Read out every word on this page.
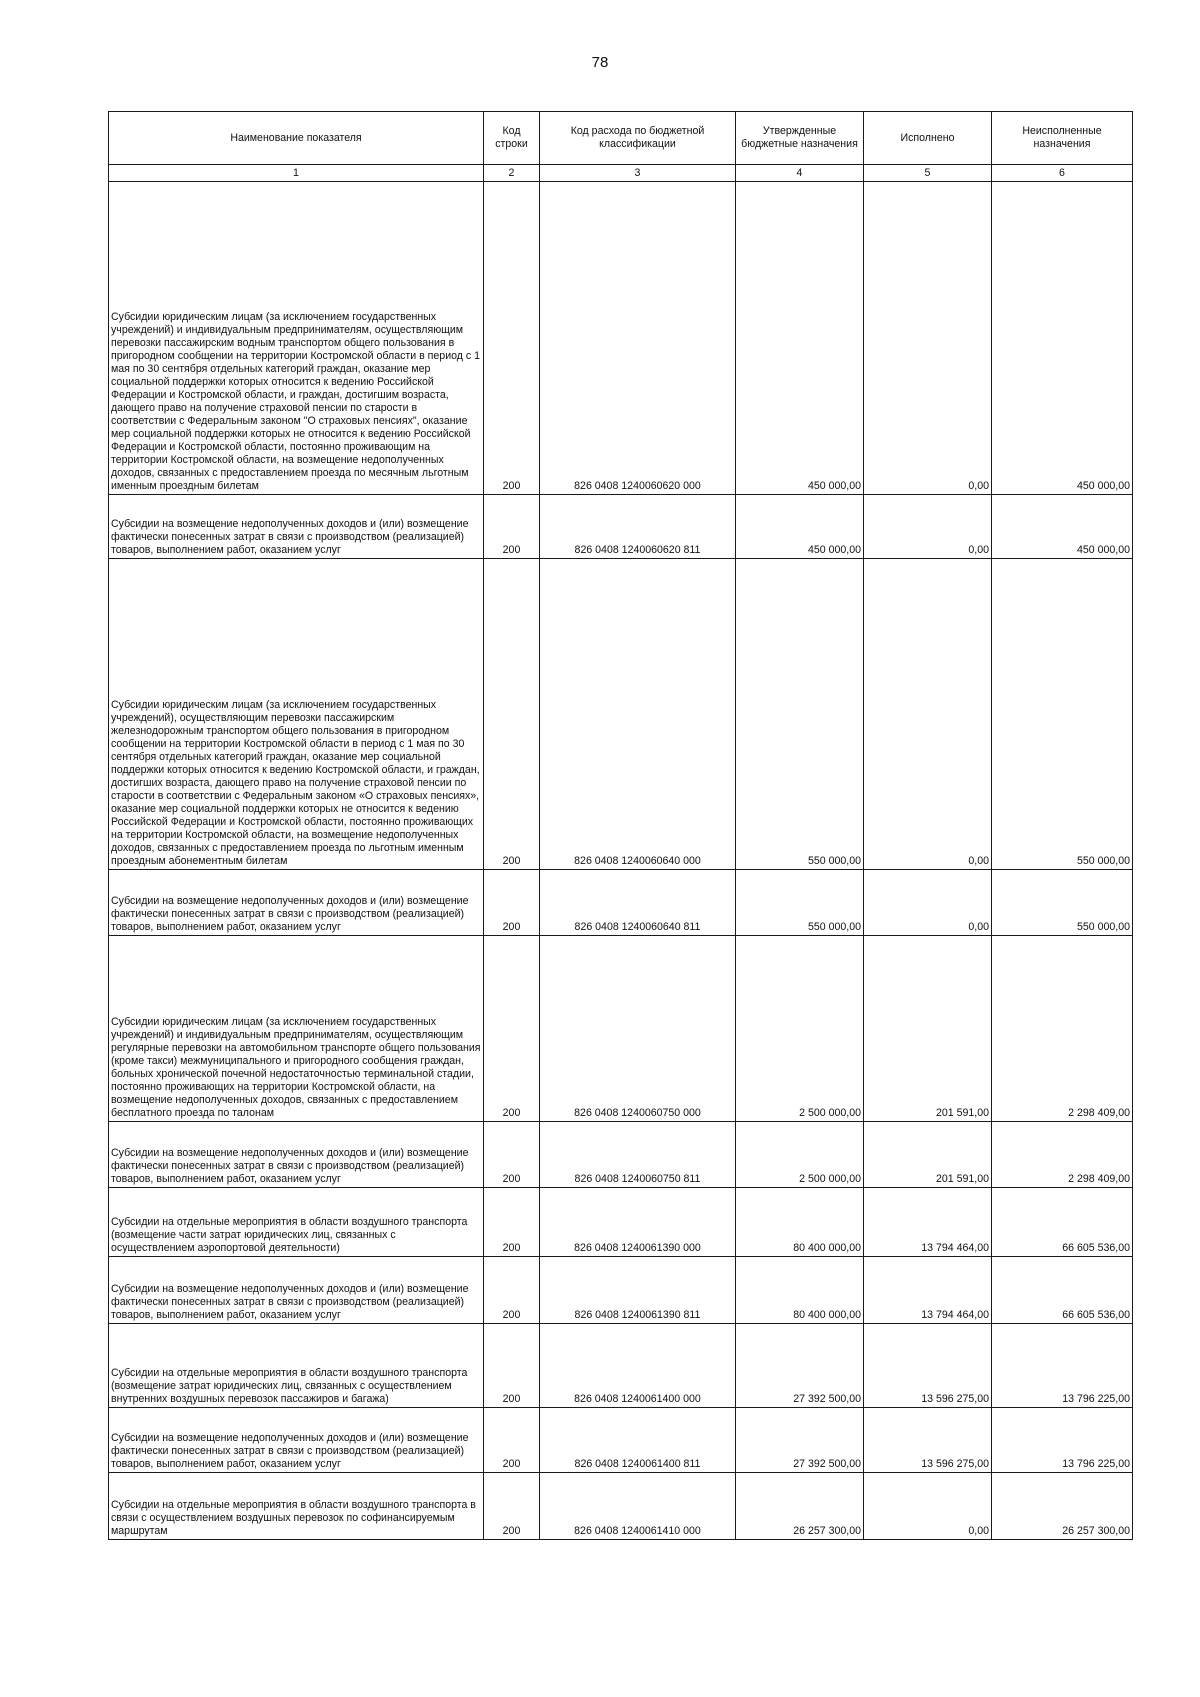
78
Наименование показателя	Код строки	Код расхода по бюджетной классификации	Утвержденные бюджетные назначения	Исполнено	Неисполненные назначения
1	2	3	4	5	6
Субсидии юридическим лицам (за исключением государственных учреждений) и индивидуальным предпринимателям, осуществляющим перевозки пассажирским водным транспортом общего пользования в пригородном сообщении на территории Костромской области в период с 1 мая по 30 сентября отдельных категорий граждан, оказание мер социальной поддержки которых относится к ведению Российской Федерации и Костромской области, и граждан, достигшим возраста, дающего право на получение страховой пенсии по старости в соответствии с Федеральным законом "О страховых пенсиях", оказание мер социальной поддержки которых не относится к ведению Российской Федерации и Костромской области, постоянно проживающим на территории Костромской области, на возмещение недополученных доходов, связанных с предоставлением проезда по месячным льготным именным проездным билетам	200	826 0408 1240060620 000	450 000,00	0,00	450 000,00
Субсидии на возмещение недополученных доходов и (или) возмещение фактически понесенных затрат в связи с производством (реализацией) товаров, выполнением работ, оказанием услуг	200	826 0408 1240060620 811	450 000,00	0,00	450 000,00
Субсидии юридическим лицам (за исключением государственных учреждений), осуществляющим перевозки пассажирским железнодорожным транспортом общего пользования в пригородном сообщении на территории Костромской области в период с 1 мая по 30 сентября отдельных категорий граждан, оказание мер социальной поддержки которых относится к ведению Костромской области, и граждан, достигших возраста, дающего право на получение страховой пенсии по старости в соответствии с Федеральным законом «О страховых пенсиях», оказание мер социальной поддержки которых не относится к ведению Российской Федерации и Костромской области, постоянно проживающих на территории Костромской области, на возмещение недополученных доходов, связанных с предоставлением проезда по льготным именным проездным абонементным билетам	200	826 0408 1240060640 000	550 000,00	0,00	550 000,00
Субсидии на возмещение недополученных доходов и (или) возмещение фактически понесенных затрат в связи с производством (реализацией) товаров, выполнением работ, оказанием услуг	200	826 0408 1240060640 811	550 000,00	0,00	550 000,00
Субсидии юридическим лицам (за исключением государственных учреждений) и индивидуальным предпринимателям, осуществляющим регулярные перевозки на автомобильном транспорте общего пользования (кроме такси) межмуниципального и пригородного сообщения граждан, больных хронической почечной недостаточностью терминальной стадии, постоянно проживающих на территории Костромской области, на возмещение недополученных доходов, связанных с предоставлением бесплатного проезда по талонам	200	826 0408 1240060750 000	2 500 000,00	201 591,00	2 298 409,00
Субсидии на возмещение недополученных доходов и (или) возмещение фактически понесенных затрат в связи с производством (реализацией) товаров, выполнением работ, оказанием услуг	200	826 0408 1240060750 811	2 500 000,00	201 591,00	2 298 409,00
Субсидии на отдельные мероприятия в области воздушного транспорта (возмещение части затрат юридических лиц, связанных с осуществлением аэропортовой деятельности)	200	826 0408 1240061390 000	80 400 000,00	13 794 464,00	66 605 536,00
Субсидии на возмещение недополученных доходов и (или) возмещение фактически понесенных затрат в связи с производством (реализацией) товаров, выполнением работ, оказанием услуг	200	826 0408 1240061390 811	80 400 000,00	13 794 464,00	66 605 536,00
Субсидии на отдельные мероприятия в области воздушного транспорта (возмещение затрат юридических лиц, связанных с осуществлением внутренних воздушных перевозок пассажиров и багажа)	200	826 0408 1240061400 000	27 392 500,00	13 596 275,00	13 796 225,00
Субсидии на возмещение недополученных доходов и (или) возмещение фактически понесенных затрат в связи с производством (реализацией) товаров, выполнением работ, оказанием услуг	200	826 0408 1240061400 811	27 392 500,00	13 596 275,00	13 796 225,00
Субсидии на отдельные мероприятия в области воздушного транспорта в связи с осуществлением воздушных перевозок по софинансируемым маршрутам	200	826 0408 1240061410 000	26 257 300,00	0,00	26 257 300,00
